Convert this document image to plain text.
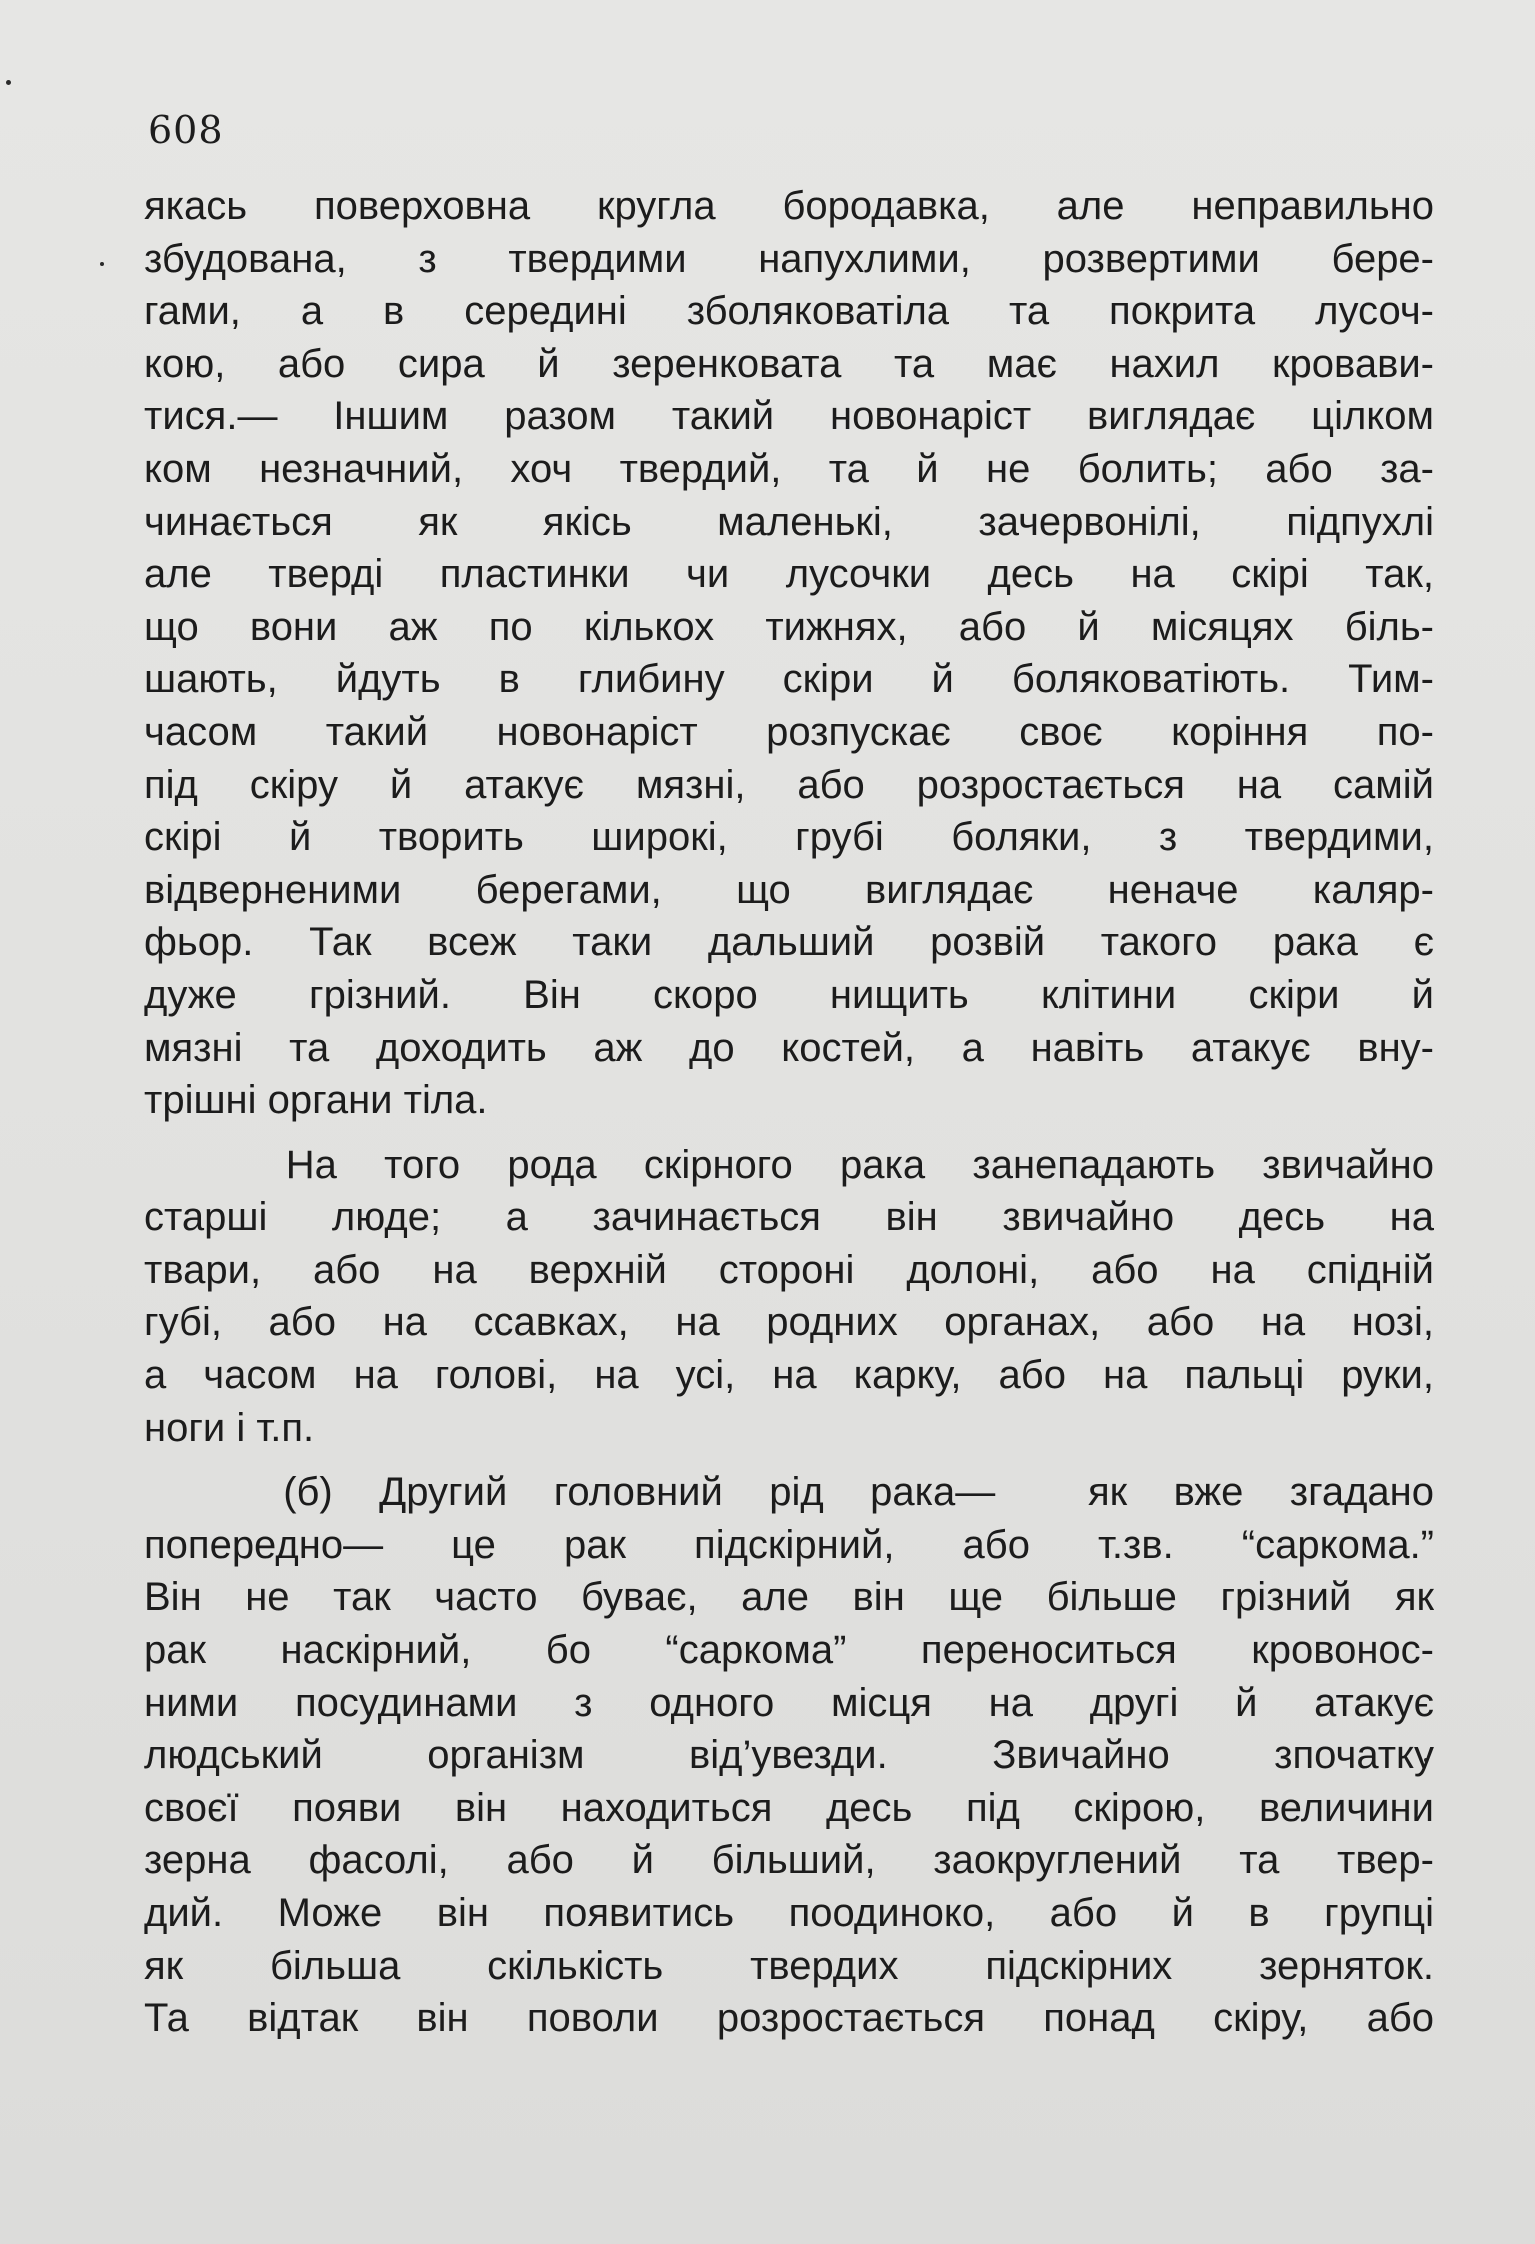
608
якась поверховна кругла бородавка, але неправильно
збудована, з твердими напухлими, розвертими бере-
гами, а в середині зболяковатіла та покрита лусоч-
кою, або сира й зеренковата та має нахил кровави-
тися.— Іншим разом такий новонаріст виглядає цілком
ком незначний, хоч твердий, та й не болить; або за-
чинається як якісь маленькі, зачервонілі, підпухлі
але тверді пластинки чи лусочки десь на скірі так,
що вони аж по кількох тижнях, або й місяцях біль-
шають, йдуть в глибину скіри й боляковатіють. Тим-
часом такий новонаріст розпускає своє коріння по-
під скіру й атакує мязні, або розростається на самій
скірі й творить широкі, грубі боляки, з твердими,
відверненими берегами, що виглядає неначе каляр-
фьор. Так всеж таки дальший розвій такого рака є
дуже грізний. Він скоро нищить клітини скіри й
мязні та доходить аж до костей, а навіть атакує вну-
трішні органи тіла.
На того рода скірного рака занепадають звичайно
старші люде; а зачинається він звичайно десь на
твари, або на верхній стороні долоні, або на спідній
губі, або на ссавках, на родних органах, або на нозі,
а часом на голові, на усі, на карку, або на пальці руки,
ноги і т.п.
(б) Другий головний рід рака—  як вже згадано
попередно— це рак підскірний, або т.зв. “саркома.”
Він не так часто буває, але він ще більше грізний як
рак наскірний, бо “саркома” переноситься кровонос-
ними посудинами з одного місця на другі й атакує
людський організм від’увезди. Звичайно зпочатку
своєї появи він находиться десь під скірою, величини
зерна фасолі, або й більший, заокруглений та твер-
дий. Може він появитись поодиноко, або й в групці
як більша скількість твердих підскірних зерняток.
Та відтак він поволи розростається понад скіру, або
